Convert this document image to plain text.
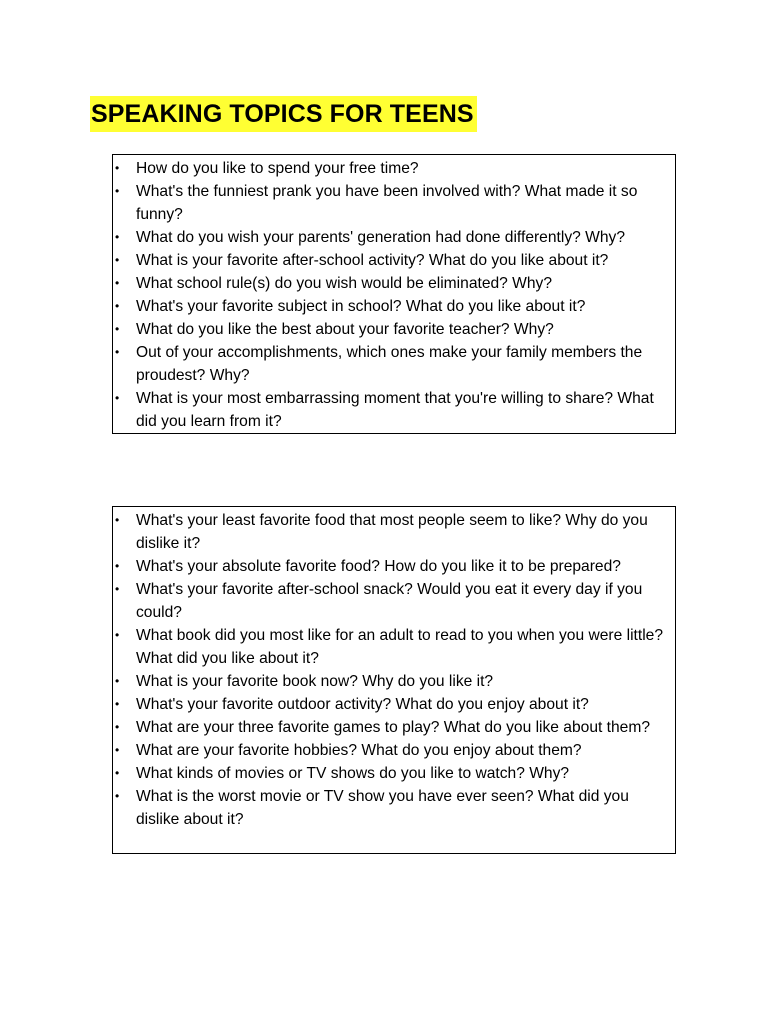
SPEAKING TOPICS FOR TEENS
• How do you like to spend your free time?
• What's the funniest prank you have been involved with? What made it so funny?
• What do you wish your parents' generation had done differently? Why?
• What is your favorite after-school activity? What do you like about it?
• What school rule(s) do you wish would be eliminated? Why?
• What's your favorite subject in school? What do you like about it?
• What do you like the best about your favorite teacher? Why?
• Out of your accomplishments, which ones make your family members the proudest? Why?
• What is your most embarrassing moment that you're willing to share? What did you learn from it?
• What's your least favorite food that most people seem to like? Why do you dislike it?
• What's your absolute favorite food? How do you like it to be prepared?
• What's your favorite after-school snack? Would you eat it every day if you could?
• What book did you most like for an adult to read to you when you were little? What did you like about it?
• What is your favorite book now? Why do you like it?
• What's your favorite outdoor activity? What do you enjoy about it?
• What are your three favorite games to play? What do you like about them?
• What are your favorite hobbies? What do you enjoy about them?
• What kinds of movies or TV shows do you like to watch? Why?
• What is the worst movie or TV show you have ever seen? What did you dislike about it?
